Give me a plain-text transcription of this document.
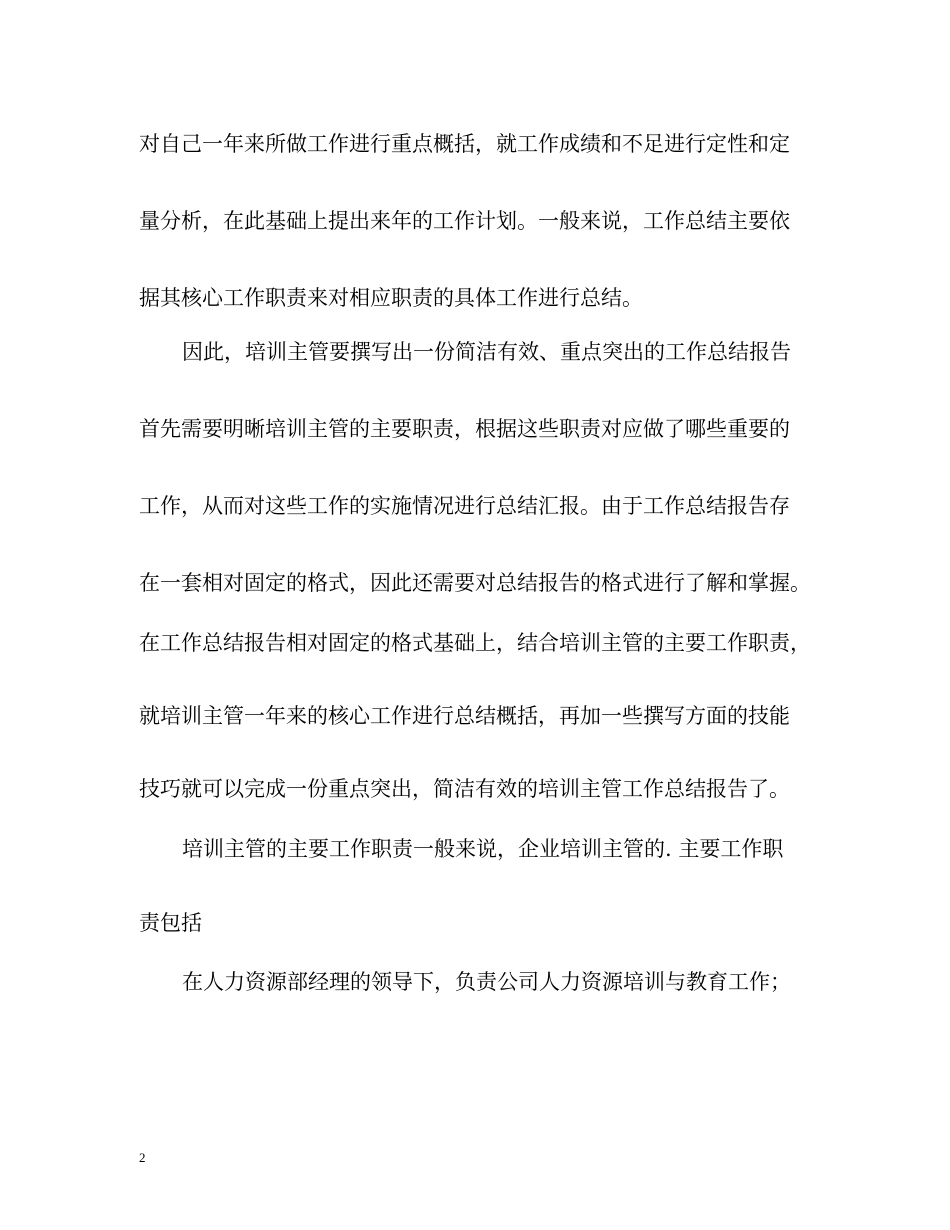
对自己一年来所做工作进行重点概括，就工作成绩和不足进行定性和定
量分析，在此基础上提出来年的工作计划。一般来说，工作总结主要依
据其核心工作职责来对相应职责的具体工作进行总结。
因此，培训主管要撰写出一份简洁有效、重点突出的工作总结报告
首先需要明晰培训主管的主要职责，根据这些职责对应做了哪些重要的
工作，从而对这些工作的实施情况进行总结汇报。由于工作总结报告存
在一套相对固定的格式，因此还需要对总结报告的格式进行了解和掌握。
在工作总结报告相对固定的格式基础上，结合培训主管的主要工作职责，
就培训主管一年来的核心工作进行总结概括，再加一些撰写方面的技能
技巧就可以完成一份重点突出，简洁有效的培训主管工作总结报告了。
培训主管的主要工作职责一般来说，企业培训主管的. 主要工作职
责包括
在人力资源部经理的领导下，负责公司人力资源培训与教育工作；
2
